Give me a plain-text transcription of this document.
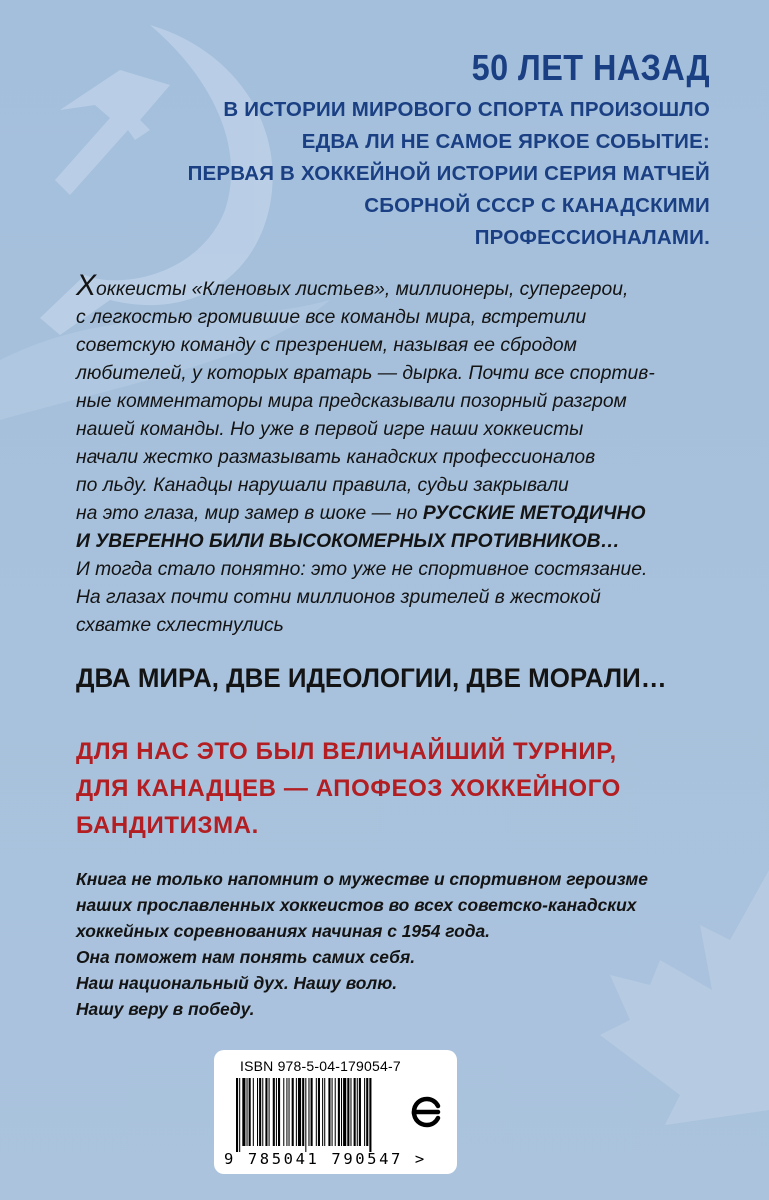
50 ЛЕТ НАЗАД
В ИСТОРИИ МИРОВОГО СПОРТА ПРОИЗОШЛО
ЕДВА ЛИ НЕ САМОЕ ЯРКОЕ СОБЫТИЕ:
ПЕРВАЯ В ХОККЕЙНОЙ ИСТОРИИ СЕРИЯ МАТЧЕЙ
СБОРНОЙ СССР С КАНАДСКИМИ
ПРОФЕССИОНАЛАМИ.
Хоккеисты «Кленовых листьев», миллионеры, супергерои,
с легкостью громившие все команды мира, встретили
советскую команду с презрением, называя ее сбродом
любителей, у которых вратарь — дырка. Почти все спортив-
ные комментаторы мира предсказывали позорный разгром
нашей команды. Но уже в первой игре наши хоккеисты
начали жестко размазывать канадских профессионалов
по льду. Канадцы нарушали правила, судьи закрывали
на это глаза, мир замер в шоке — но РУССКИЕ МЕТОДИЧНО
И УВЕРЕННО БИЛИ ВЫСОКОМЕРНЫХ ПРОТИВНИКОВ…
И тогда стало понятно: это уже не спортивное состязание.
На глазах почти сотни миллионов зрителей в жестокой
схватке схлестнулись
ДВА МИРА, ДВЕ ИДЕОЛОГИИ, ДВЕ МОРАЛИ…
ДЛЯ НАС ЭТО БЫЛ ВЕЛИЧАЙШИЙ ТУРНИР,
ДЛЯ КАНАДЦЕВ — АПОФЕОЗ ХОККЕЙНОГО
БАНДИТИЗМА.
Книга не только напомнит о мужестве и спортивном героизме
наших прославленных хоккеистов во всех советско-канадских
хоккейных соревнованиях начиная с 1954 года.
Она поможет нам понять самих себя.
Наш национальный дух. Нашу волю.
Нашу веру в победу.
ISBN 978-5-04-179054-7
9 785041 790547 >
